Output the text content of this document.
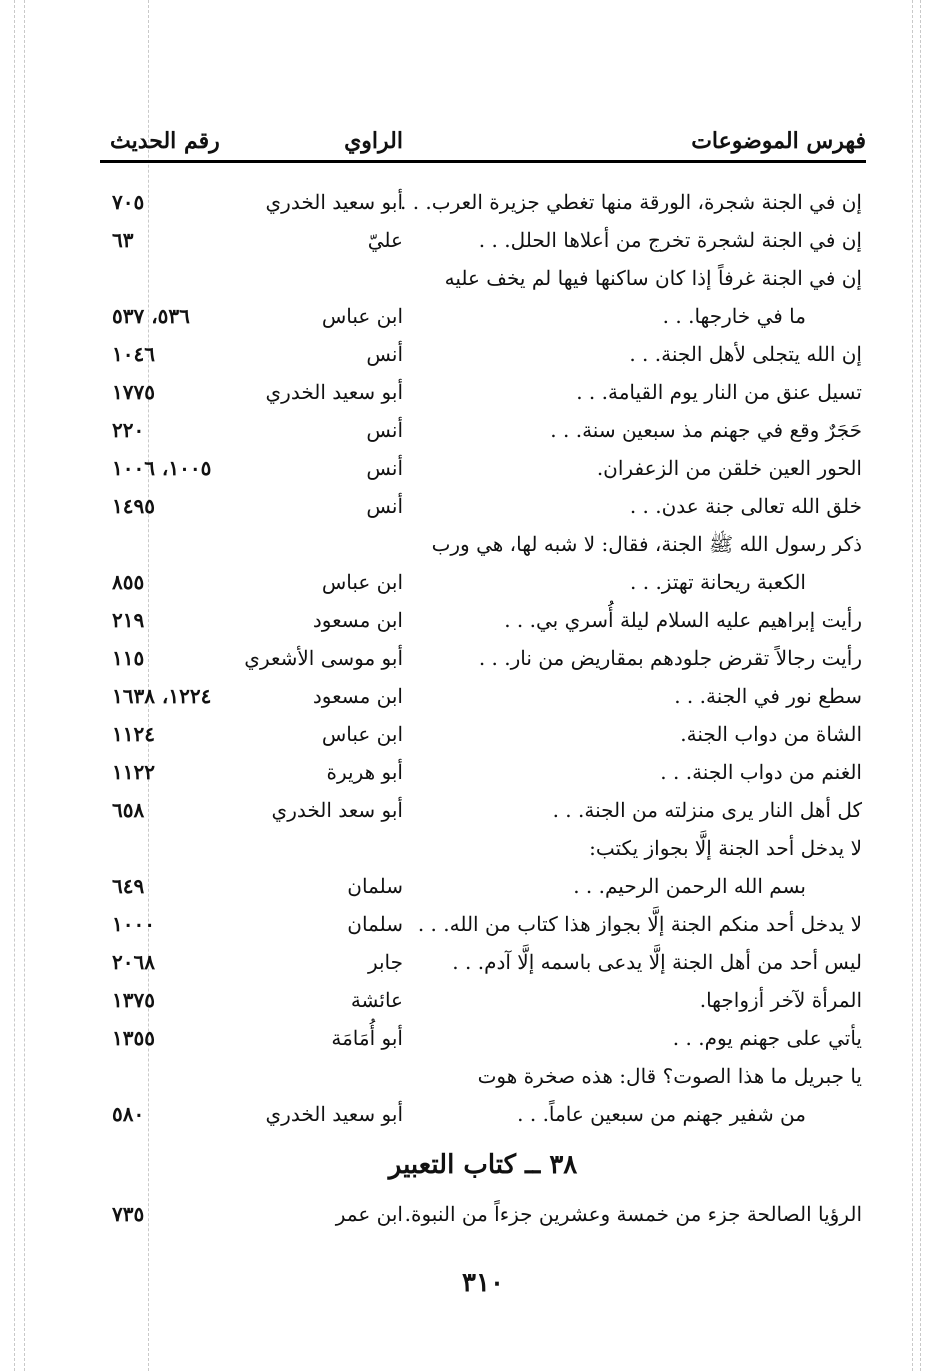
فهرس الموضوعات
الراوي
رقم الحديث
إن في الجنة شجرة، الورقة منها تغطي جزيرة العرب. . .
أبو سعيد الخدري
٧٠٥
إن في الجنة لشجرة تخرج من أعلاها الحلل. . .
عليّ
٦٣
إن في الجنة غرفاً إذا كان ساكنها فيها لم يخف عليه
ما في خارجها. . .
ابن عباس
٥٣٦، ٥٣٧
إن الله يتجلى لأهل الجنة. . .
أنس
١٠٤٦
تسيل عنق من النار يوم القيامة. . .
أبو سعيد الخدري
١٧٧٥
حَجَرٌ وقع في جهنم مذ سبعين سنة. . .
أنس
٢٢٠
الحور العين خلقن من الزعفران.
أنس
١٠٠٥، ١٠٠٦
خلق الله تعالى جنة عدن. . .
أنس
١٤٩٥
ذكر رسول الله ﷺ الجنة، فقال: لا شبه لها، هي ورب
الكعبة ريحانة تهتز. . .
ابن عباس
٨٥٥
رأيت إبراهيم عليه السلام ليلة أُسري بي. . .
ابن مسعود
٢١٩
رأيت رجالاً تقرض جلودهم بمقاريض من نار. . .
أبو موسى الأشعري
١١٥
سطع نور في الجنة. . .
ابن مسعود
١٢٢٤، ١٦٣٨
الشاة من دواب الجنة.
ابن عباس
١١٢٤
الغنم من دواب الجنة. . .
أبو هريرة
١١٢٢
كل أهل النار يرى منزلته من الجنة. . .
أبو سعد الخدري
٦٥٨
لا يدخل أحد الجنة إلَّا بجواز يكتب:
بسم الله الرحمن الرحيم. . .
سلمان
٦٤٩
لا يدخل أحد منكم الجنة إلَّا بجواز هذا كتاب من الله. . .
سلمان
١٠٠٠
ليس أحد من أهل الجنة إلَّا يدعى باسمه إلَّا آدم. . .
جابر
٢٠٦٨
المرأة لآخر أزواجها.
عائشة
١٣٧٥
يأتي على جهنم يوم. . .
أبو أُمَامَة
١٣٥٥
يا جبريل ما هذا الصوت؟ قال: هذه صخرة هوت
من شفير جهنم من سبعين عاماً. . .
أبو سعيد الخدري
٥٨٠
٣٨ ــ كتاب التعبير
الرؤيا الصالحة جزء من خمسة وعشرين جزءاً من النبوة.
ابن عمر
٧٣٥
٣١٠
